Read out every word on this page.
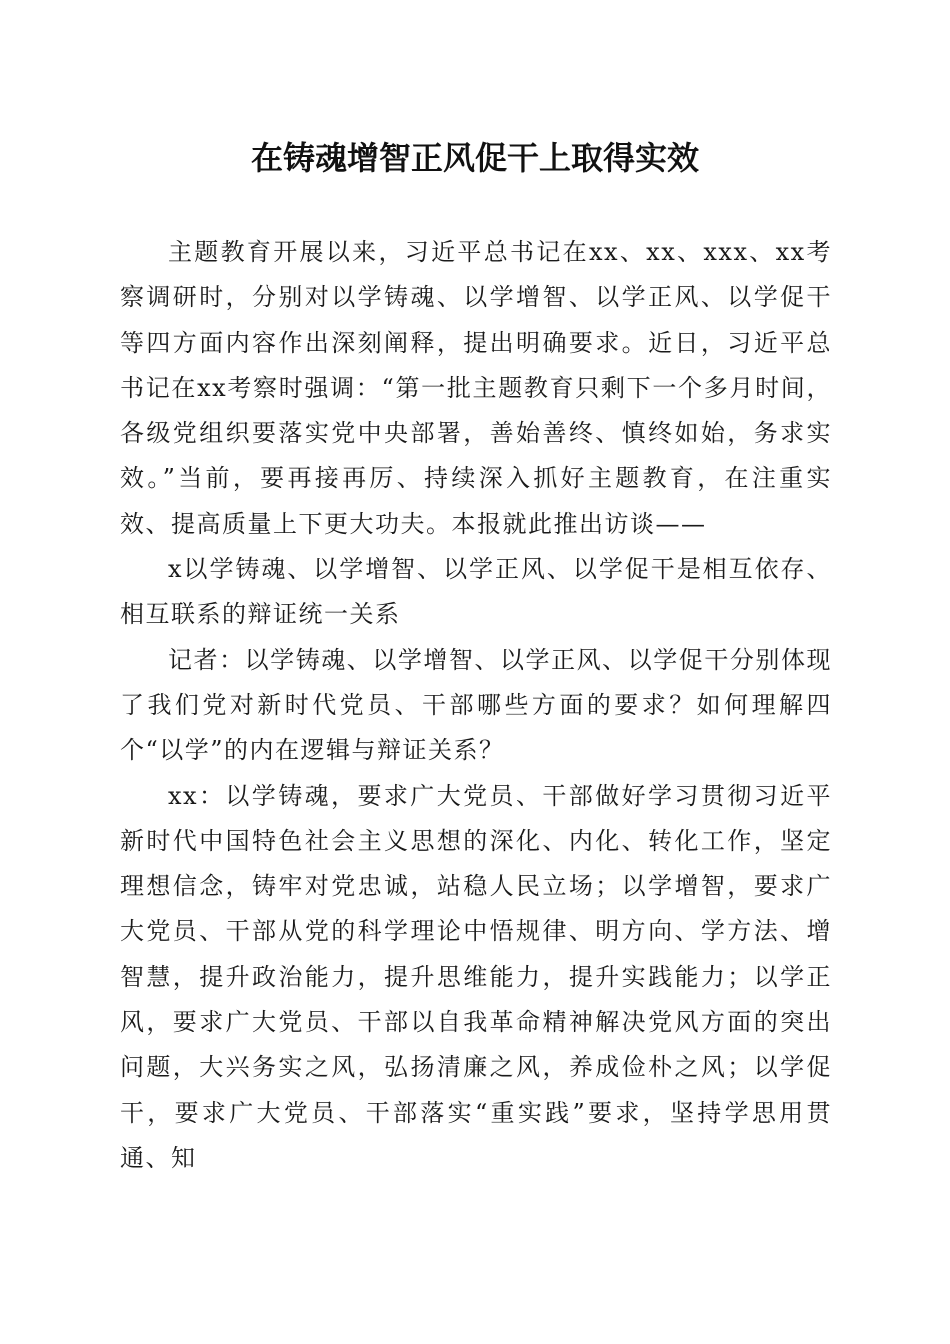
在铸魂增智正风促干上取得实效

主题教育开展以来，习近平总书记在xx、xx、xxx、xx考察调研时，分别对以学铸魂、以学增智、以学正风、以学促干等四方面内容作出深刻阐释，提出明确要求。近日，习近平总书记在xx考察时强调：“第一批主题教育只剩下一个多月时间，各级党组织要落实党中央部署，善始善终、慎终如始，务求实效。”当前，要再接再厉、持续深入抓好主题教育，在注重实效、提高质量上下更大功夫。本报就此推出访谈——

x以学铸魂、以学增智、以学正风、以学促干是相互依存、相互联系的辩证统一关系

记者：以学铸魂、以学增智、以学正风、以学促干分别体现了我们党对新时代党员、干部哪些方面的要求？如何理解四个“以学”的内在逻辑与辩证关系？

xx：以学铸魂，要求广大党员、干部做好学习贯彻习近平新时代中国特色社会主义思想的深化、内化、转化工作，坚定理想信念，铸牢对党忠诚，站稳人民立场；以学增智，要求广大党员、干部从党的科学理论中悟规律、明方向、学方法、增智慧，提升政治能力，提升思维能力，提升实践能力；以学正风，要求广大党员、干部以自我革命精神解决党风方面的突出问题，大兴务实之风，弘扬清廉之风，养成俭朴之风；以学促干，要求广大党员、干部落实“重实践”要求，坚持学思用贯通、知
